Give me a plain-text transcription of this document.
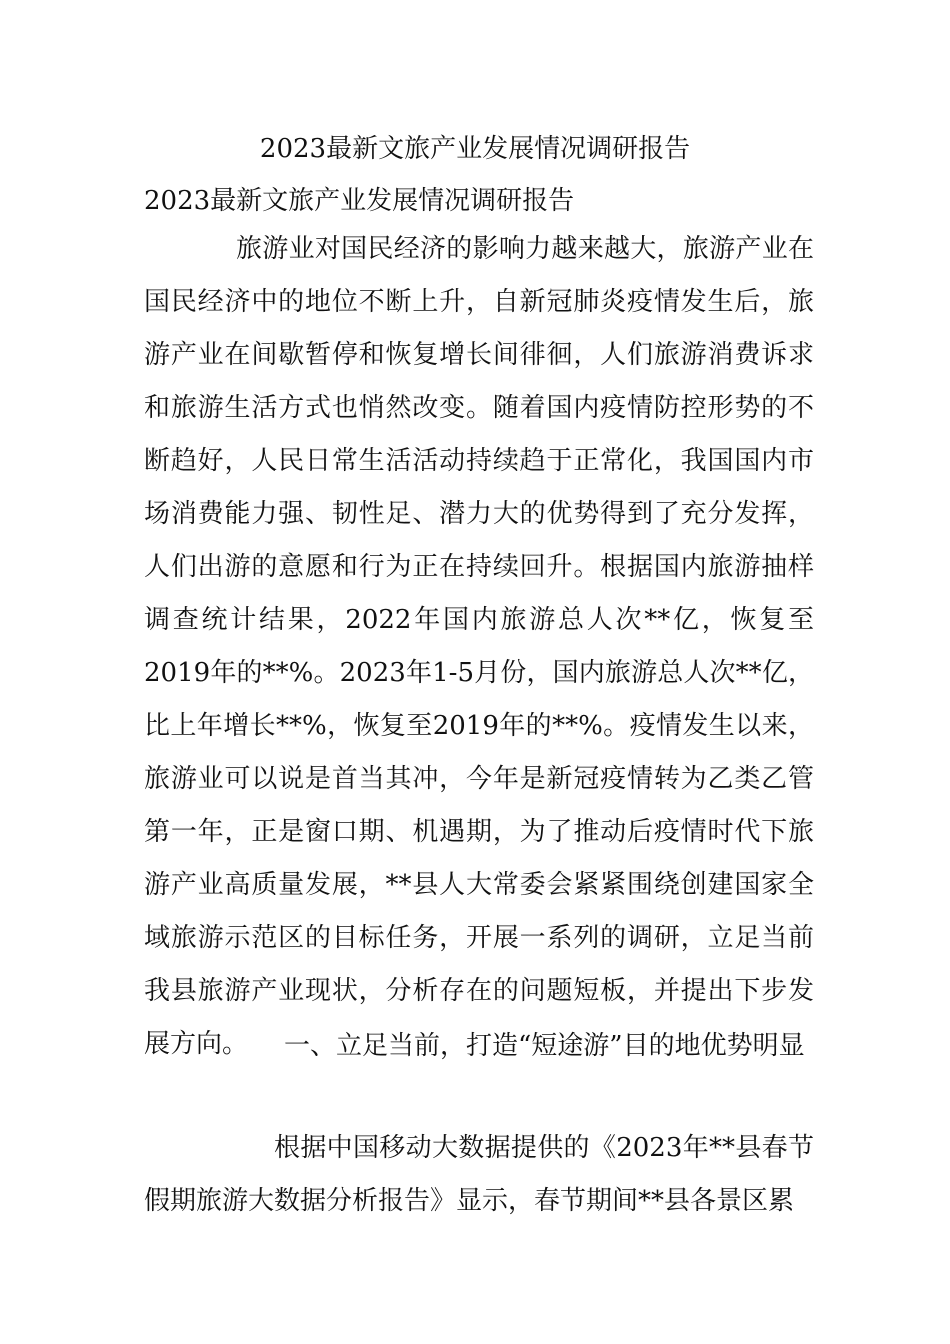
2023最新文旅产业发展情况调研报告
2023最新文旅产业发展情况调研报告

旅游业对国民经济的影响力越来越大，旅游产业在国民经济中的地位不断上升，自新冠肺炎疫情发生后，旅游产业在间歇暂停和恢复增长间徘徊，人们旅游消费诉求和旅游生活方式也悄然改变。随着国内疫情防控形势的不断趋好，人民日常生活活动持续趋于正常化，我国国内市场消费能力强、韧性足、潜力大的优势得到了充分发挥，人们出游的意愿和行为正在持续回升。根据国内旅游抽样调查统计结果，2022年国内旅游总人次**亿，恢复至2019年的**%。2023年1-5月份，国内旅游总人次**亿，比上年增长**%，恢复至2019年的**%。疫情发生以来，旅游业可以说是首当其冲，今年是新冠疫情转为乙类乙管第一年，正是窗口期、机遇期，为了推动后疫情时代下旅游产业高质量发展，**县人大常委会紧紧围绕创建国家全域旅游示范区的目标任务，开展一系列的调研，立足当前我县旅游产业现状，分析存在的问题短板，并提出下步发展方向。	一、立足当前，打造“短途游”目的地优势明显

根据中国移动大数据提供的《2023年**县春节假期旅游大数据分析报告》显示，春节期间**县各景区累
